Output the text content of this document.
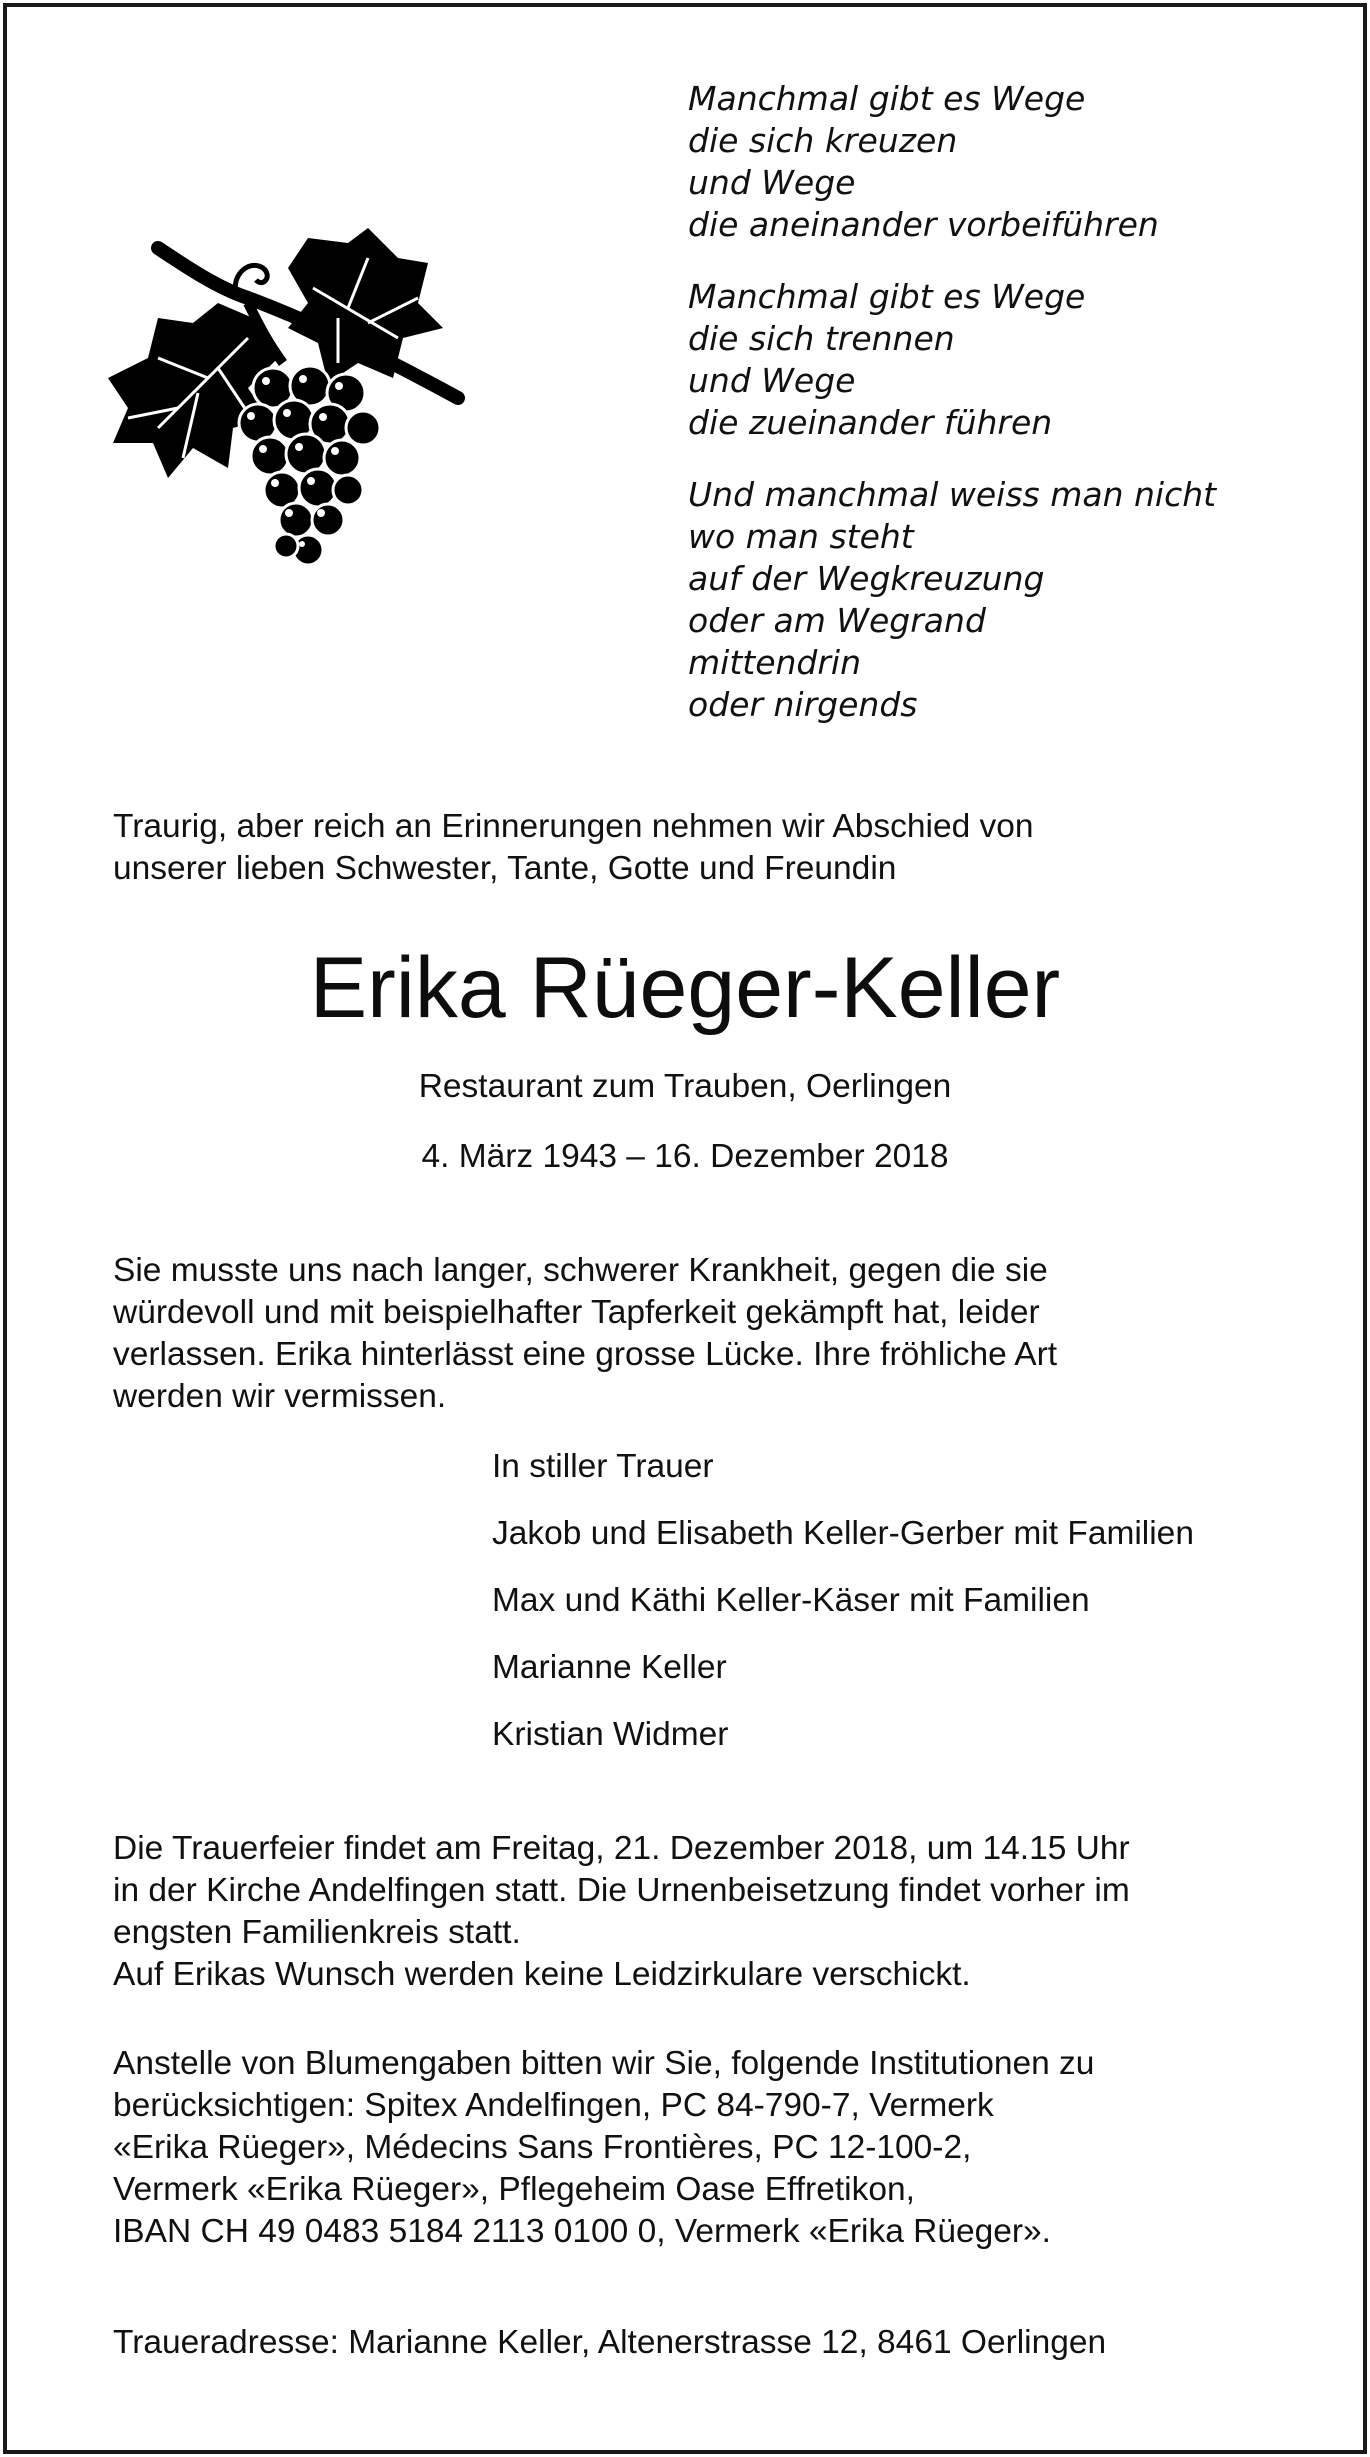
Manchmal gibt es Wege
die sich kreuzen
und Wege
die aneinander vorbeiführen
Manchmal gibt es Wege
die sich trennen
und Wege
die zueinander führen
Und manchmal weiss man nicht
wo man steht
auf der Wegkreuzung
oder am Wegrand
mittendrin
oder nirgends
Traurig, aber reich an Erinnerungen nehmen wir Abschied von
unserer lieben Schwester, Tante, Gotte und Freundin
Erika Rüeger-Keller
Restaurant zum Trauben, Oerlingen
4. März 1943 – 16. Dezember 2018
Sie musste uns nach langer, schwerer Krankheit, gegen die sie
würdevoll und mit beispielhafter Tapferkeit gekämpft hat, leider
verlassen. Erika hinterlässt eine grosse Lücke. Ihre fröhliche Art
werden wir vermissen.
In stiller Trauer
Jakob und Elisabeth Keller-Gerber mit Familien
Max und Käthi Keller-Käser mit Familien
Marianne Keller
Kristian Widmer
Die Trauerfeier findet am Freitag, 21. Dezember 2018, um 14.15 Uhr
in der Kirche Andelfingen statt. Die Urnenbeisetzung findet vorher im
engsten Familienkreis statt.
Auf Erikas Wunsch werden keine Leidzirkulare verschickt.
Anstelle von Blumengaben bitten wir Sie, folgende Institutionen zu
berücksichtigen: Spitex Andelfingen, PC 84-790-7, Vermerk
«Erika Rüeger», Médecins Sans Frontières, PC 12-100-2,
Vermerk «Erika Rüeger», Pflegeheim Oase Effretikon,
IBAN CH 49 0483 5184 2113 0100 0, Vermerk «Erika Rüeger».
Traueradresse: Marianne Keller, Altenerstrasse 12, 8461 Oerlingen
